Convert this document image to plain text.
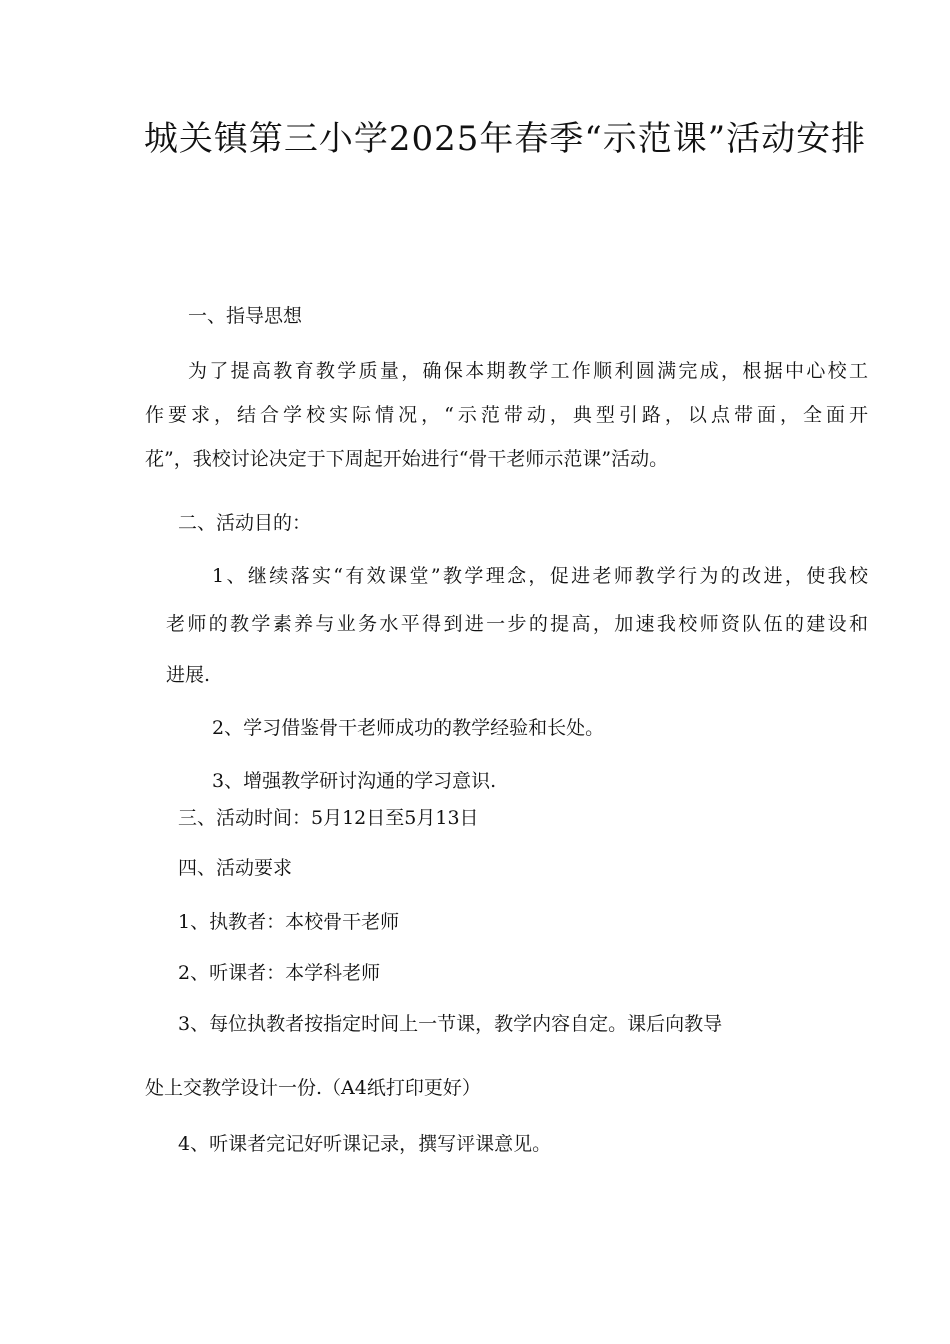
城关镇第三小学2025年春季“示范课”活动安排

一、指导思想

为了提高教育教学质量，确保本期教学工作顺利圆满完成，根据中心校工

作要求，结合学校实际情况，“示范带动，典型引路，以点带面，全面开

花”，我校讨论决定于下周起开始进行“骨干老师示范课”活动。

二、活动目的：

1、继续落实“有效课堂”教学理念，促进老师教学行为的改进，使我校

老师的教学素养与业务水平得到进一步的提高，加速我校师资队伍的建设和

进展.

2、学习借鉴骨干老师成功的教学经验和长处。

3、增强教学研讨沟通的学习意识.

三、活动时间：5月12日至5月13日

四、活动要求

1、执教者：本校骨干老师

2、听课者：本学科老师

3、每位执教者按指定时间上一节课，教学内容自定。课后向教导

处上交教学设计一份.（A4纸打印更好）

4、听课者完记好听课记录，撰写评课意见。
